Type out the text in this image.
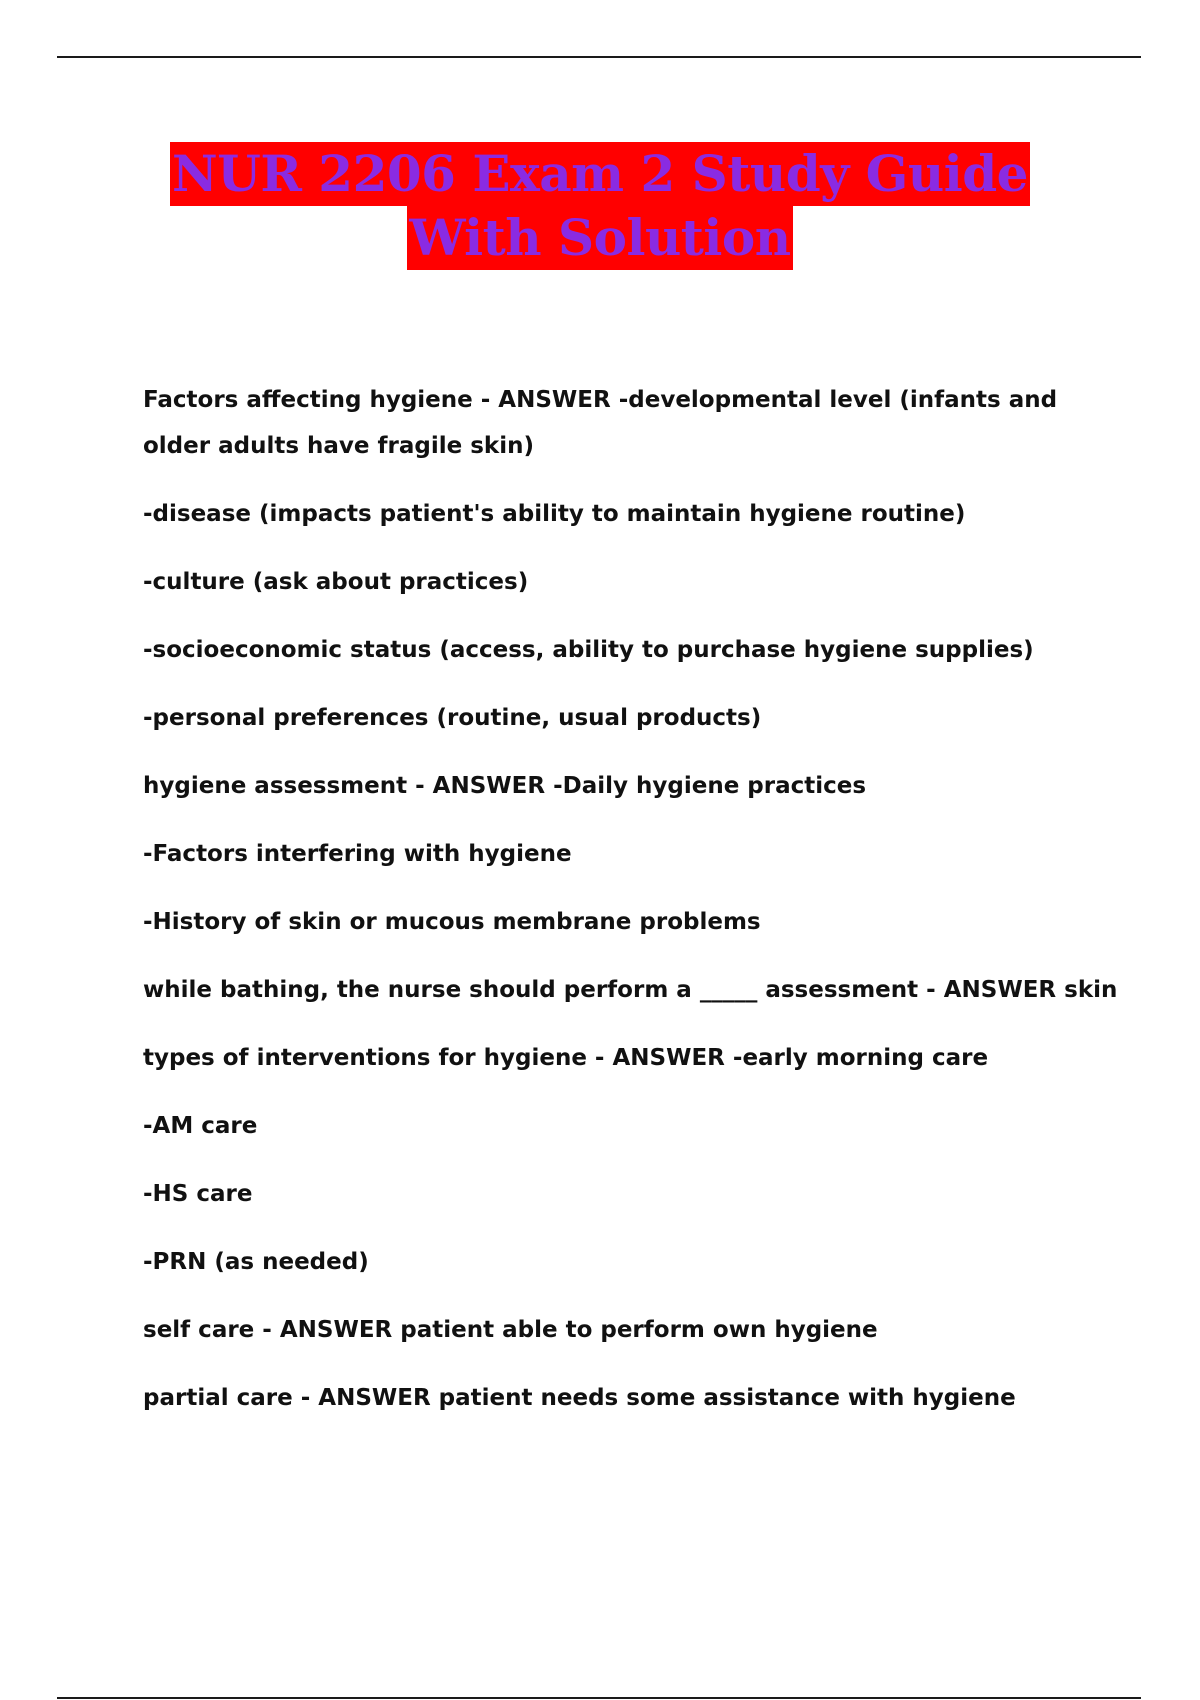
NUR 2206 Exam 2 Study Guide
With Solution

Factors affecting hygiene - ANSWER -developmental level (infants and older adults have fragile skin)

-disease (impacts patient's ability to maintain hygiene routine)

-culture (ask about practices)

-socioeconomic status (access, ability to purchase hygiene supplies)

-personal preferences (routine, usual products)

hygiene assessment - ANSWER -Daily hygiene practices

-Factors interfering with hygiene

-History of skin or mucous membrane problems

while bathing, the nurse should perform a _____ assessment - ANSWER skin

types of interventions for hygiene - ANSWER -early morning care

-AM care

-HS care

-PRN (as needed)

self care - ANSWER patient able to perform own hygiene

partial care - ANSWER patient needs some assistance with hygiene
